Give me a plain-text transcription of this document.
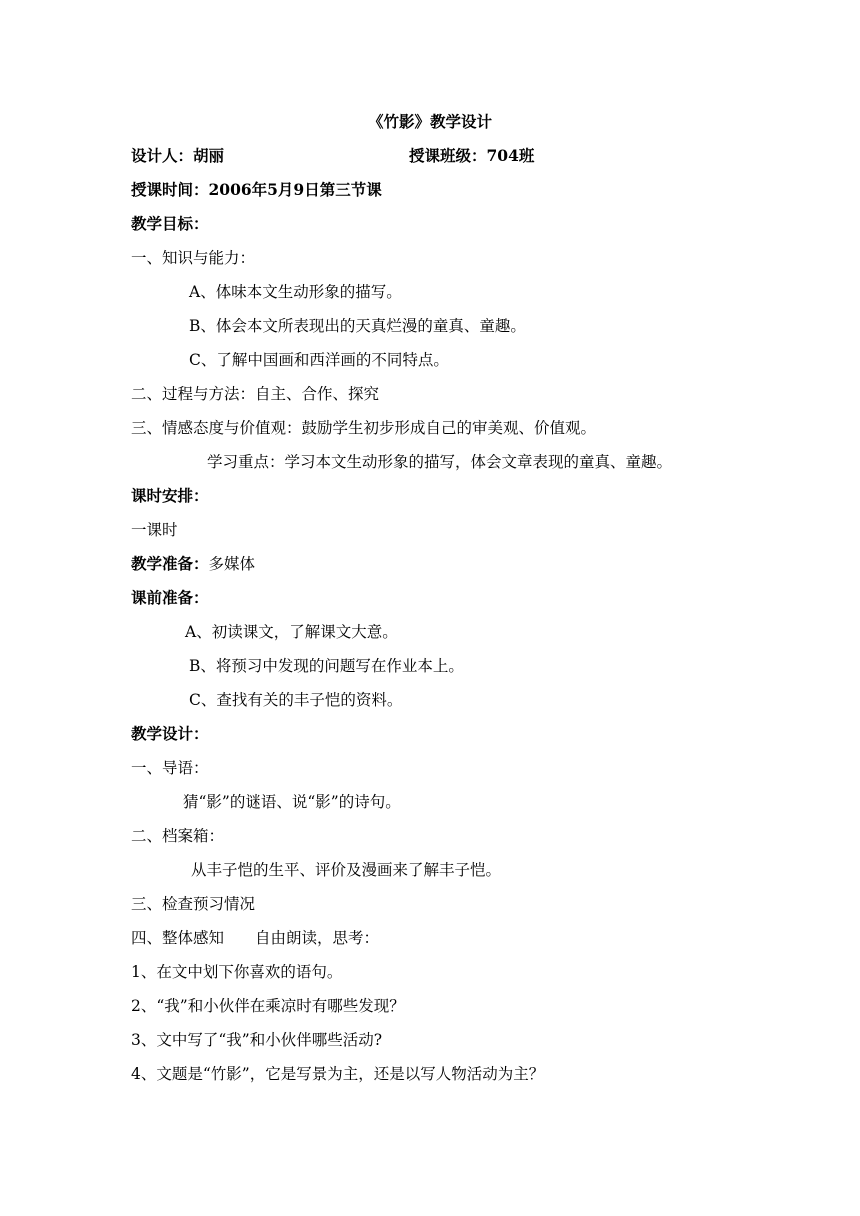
《竹影》教学设计
设计人：胡丽	授课班级：704班
授课时间：2006年5月9日第三节课
教学目标：
一、知识与能力：
A、体味本文生动形象的描写。
B、体会本文所表现出的天真烂漫的童真、童趣。
C、了解中国画和西洋画的不同特点。
二、过程与方法：自主、合作、探究
三、情感态度与价值观：鼓励学生初步形成自己的审美观、价值观。
学习重点：学习本文生动形象的描写，体会文章表现的童真、童趣。
课时安排：
一课时
教学准备：多媒体
课前准备：
A、初读课文，了解课文大意。
B、将预习中发现的问题写在作业本上。
C、查找有关的丰子恺的资料。
教学设计：
一、导语：
猜“影”的谜语、说“影”的诗句。
二、档案箱：
从丰子恺的生平、评价及漫画来了解丰子恺。
三、检查预习情况
四、整体感知　　自由朗读，思考：
1、在文中划下你喜欢的语句。
2、“我”和小伙伴在乘凉时有哪些发现？
3、文中写了“我”和小伙伴哪些活动?
4、文题是“竹影”，它是写景为主，还是以写人物活动为主？
